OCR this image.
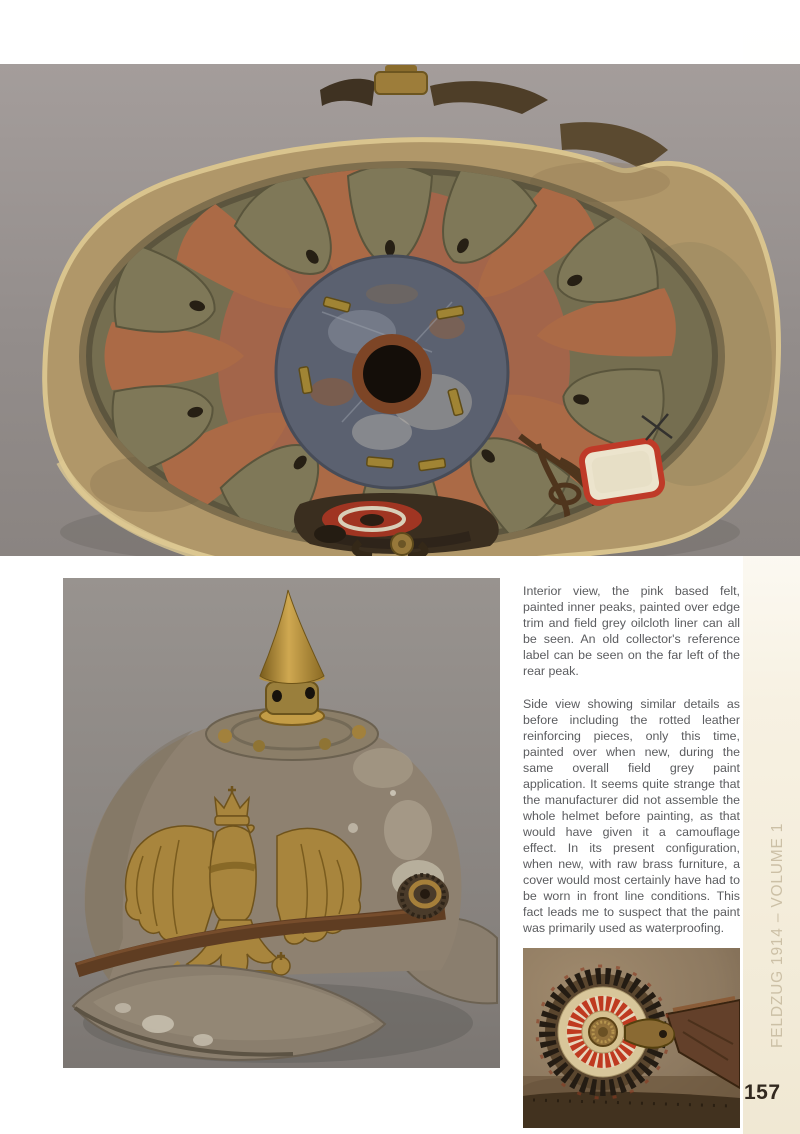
Interior view, the pink based felt, painted inner peaks, painted over edge trim and field grey oilcloth liner can all be seen. An old collector's reference label can be seen on the far left of the rear peak.

Side view showing similar details as before including the rotted leather reinforcing pieces, only this time, painted over when new, during the same overall field grey paint application. It seems quite strange that the manufacturer did not assemble the whole helmet before painting, as that would have given it a camouflage effect. In its present configuration, when new, with raw brass furniture, a cover would most certainly have had to be worn in front line conditions. This fact leads me to suspect that the paint was primarily used as waterproofing.	FELDZUG 1914 – VOLUME 1
157
